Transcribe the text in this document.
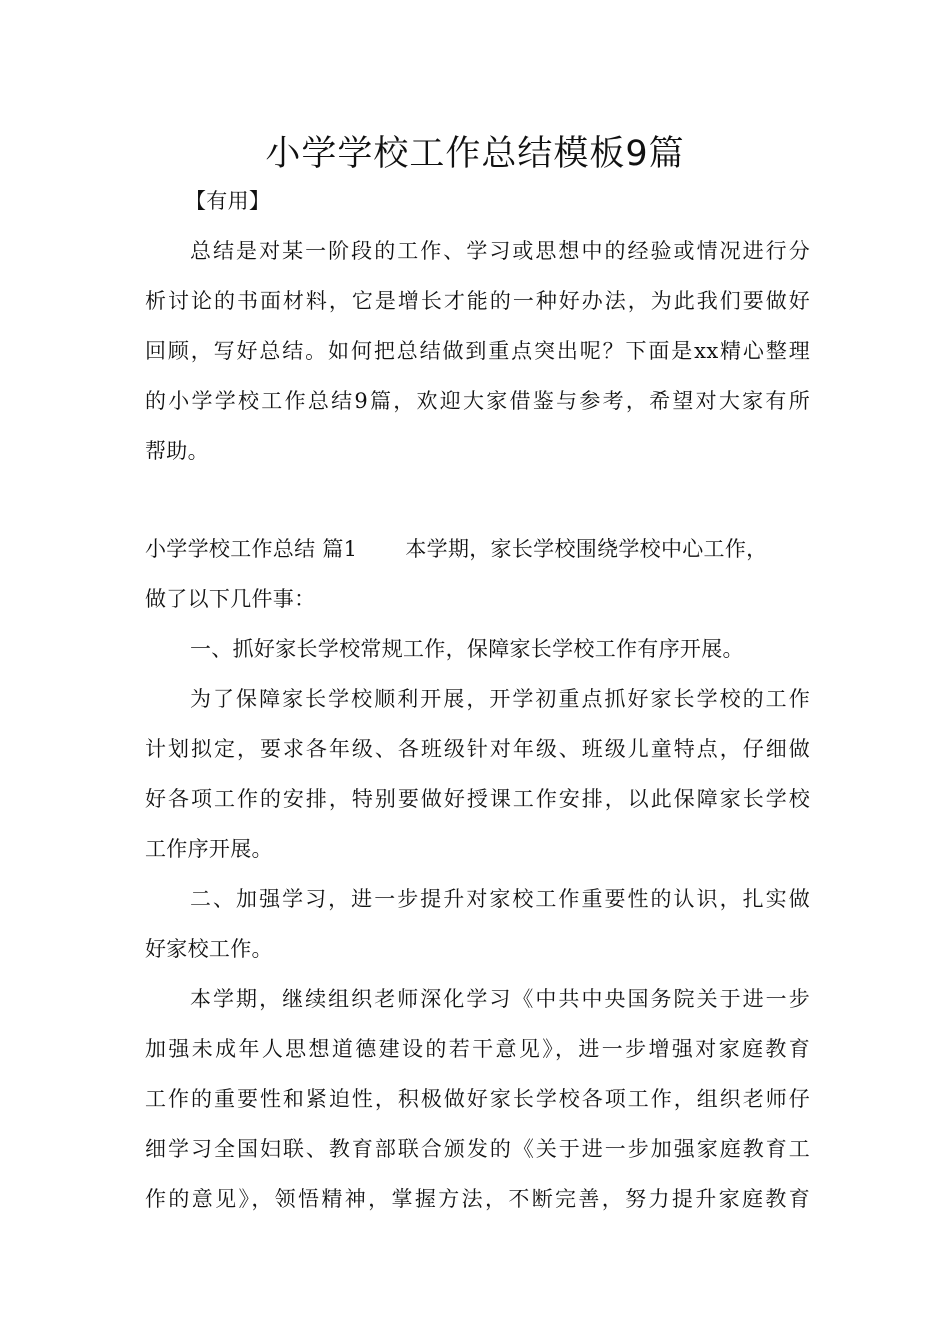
小学学校工作总结模板9篇
【有用】
总结是对某一阶段的工作、学习或思想中的经验或情况进行分
析讨论的书面材料，它是增长才能的一种好办法，为此我们要做好
回顾，写好总结。如何把总结做到重点突出呢？下面是xx精心整理
的小学学校工作总结9篇，欢迎大家借鉴与参考，希望对大家有所
帮助。
小学学校工作总结 篇1 本学期，家长学校围绕学校中心工作，
做了以下几件事：
一、抓好家长学校常规工作，保障家长学校工作有序开展。
为了保障家长学校顺利开展，开学初重点抓好家长学校的工作
计划拟定，要求各年级、各班级针对年级、班级儿童特点，仔细做
好各项工作的安排，特别要做好授课工作安排，以此保障家长学校
工作序开展。
二、加强学习，进一步提升对家校工作重要性的认识，扎实做
好家校工作。
本学期，继续组织老师深化学习《中共中央国务院关于进一步
加强未成年人思想道德建设的若干意见》，进一步增强对家庭教育
工作的重要性和紧迫性，积极做好家长学校各项工作，组织老师仔
细学习全国妇联、教育部联合颁发的《关于进一步加强家庭教育工
作的意见》，领悟精神，掌握方法，不断完善，努力提升家庭教育
